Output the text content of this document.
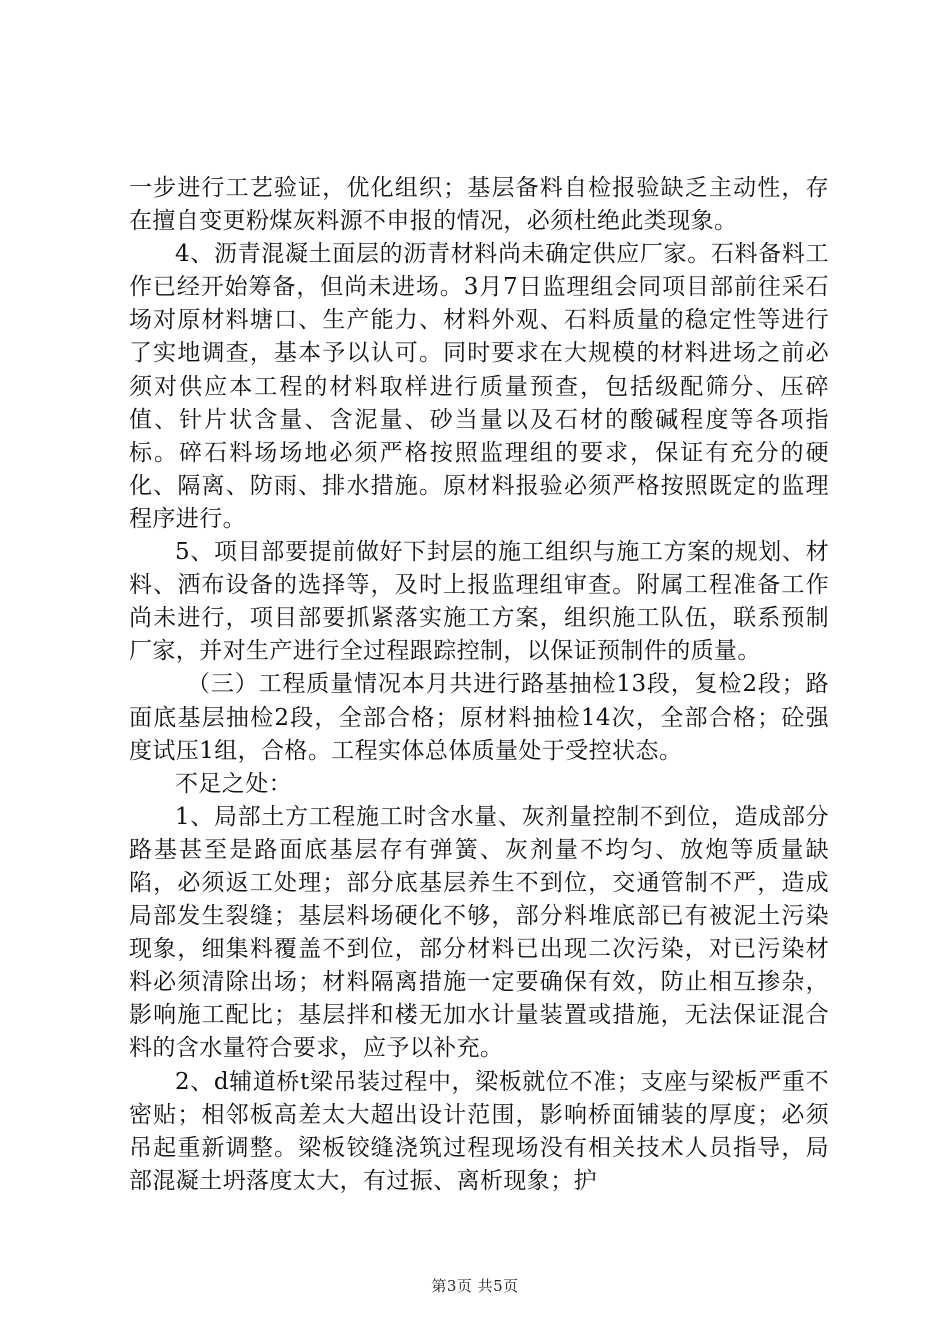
一步进行工艺验证，优化组织；基层备料自检报验缺乏主动性，存在擅自变更粉煤灰料源不申报的情况，必须杜绝此类现象。

4、沥青混凝土面层的沥青材料尚未确定供应厂家。石料备料工作已经开始筹备，但尚未进场。3月7日监理组会同项目部前往采石场对原材料塘口、生产能力、材料外观、石料质量的稳定性等进行了实地调查，基本予以认可。同时要求在大规模的材料进场之前必须对供应本工程的材料取样进行质量预查，包括级配筛分、压碎值、针片状含量、含泥量、砂当量以及石材的酸碱程度等各项指标。碎石料场场地必须严格按照监理组的要求，保证有充分的硬化、隔离、防雨、排水措施。原材料报验必须严格按照既定的监理程序进行。

5、项目部要提前做好下封层的施工组织与施工方案的规划、材料、洒布设备的选择等，及时上报监理组审查。附属工程准备工作尚未进行，项目部要抓紧落实施工方案，组织施工队伍，联系预制厂家，并对生产进行全过程跟踪控制，以保证预制件的质量。

（三）工程质量情况本月共进行路基抽检13段，复检2段；路面底基层抽检2段，全部合格；原材料抽检14次，全部合格；砼强度试压1组，合格。工程实体总体质量处于受控状态。

不足之处：

1、局部土方工程施工时含水量、灰剂量控制不到位，造成部分路基甚至是路面底基层存有弹簧、灰剂量不均匀、放炮等质量缺陷，必须返工处理；部分底基层养生不到位，交通管制不严，造成局部发生裂缝；基层料场硬化不够，部分料堆底部已有被泥土污染现象，细集料覆盖不到位，部分材料已出现二次污染，对已污染材料必须清除出场；材料隔离措施一定要确保有效，防止相互掺杂，影响施工配比；基层拌和楼无加水计量装置或措施，无法保证混合料的含水量符合要求，应予以补充。

2、d辅道桥t梁吊装过程中，梁板就位不准；支座与梁板严重不密贴；相邻板高差太大超出设计范围，影响桥面铺装的厚度；必须吊起重新调整。梁板铰缝浇筑过程现场没有相关技术人员指导，局部混凝土坍落度太大，有过振、离析现象；护

第3页 共5页
